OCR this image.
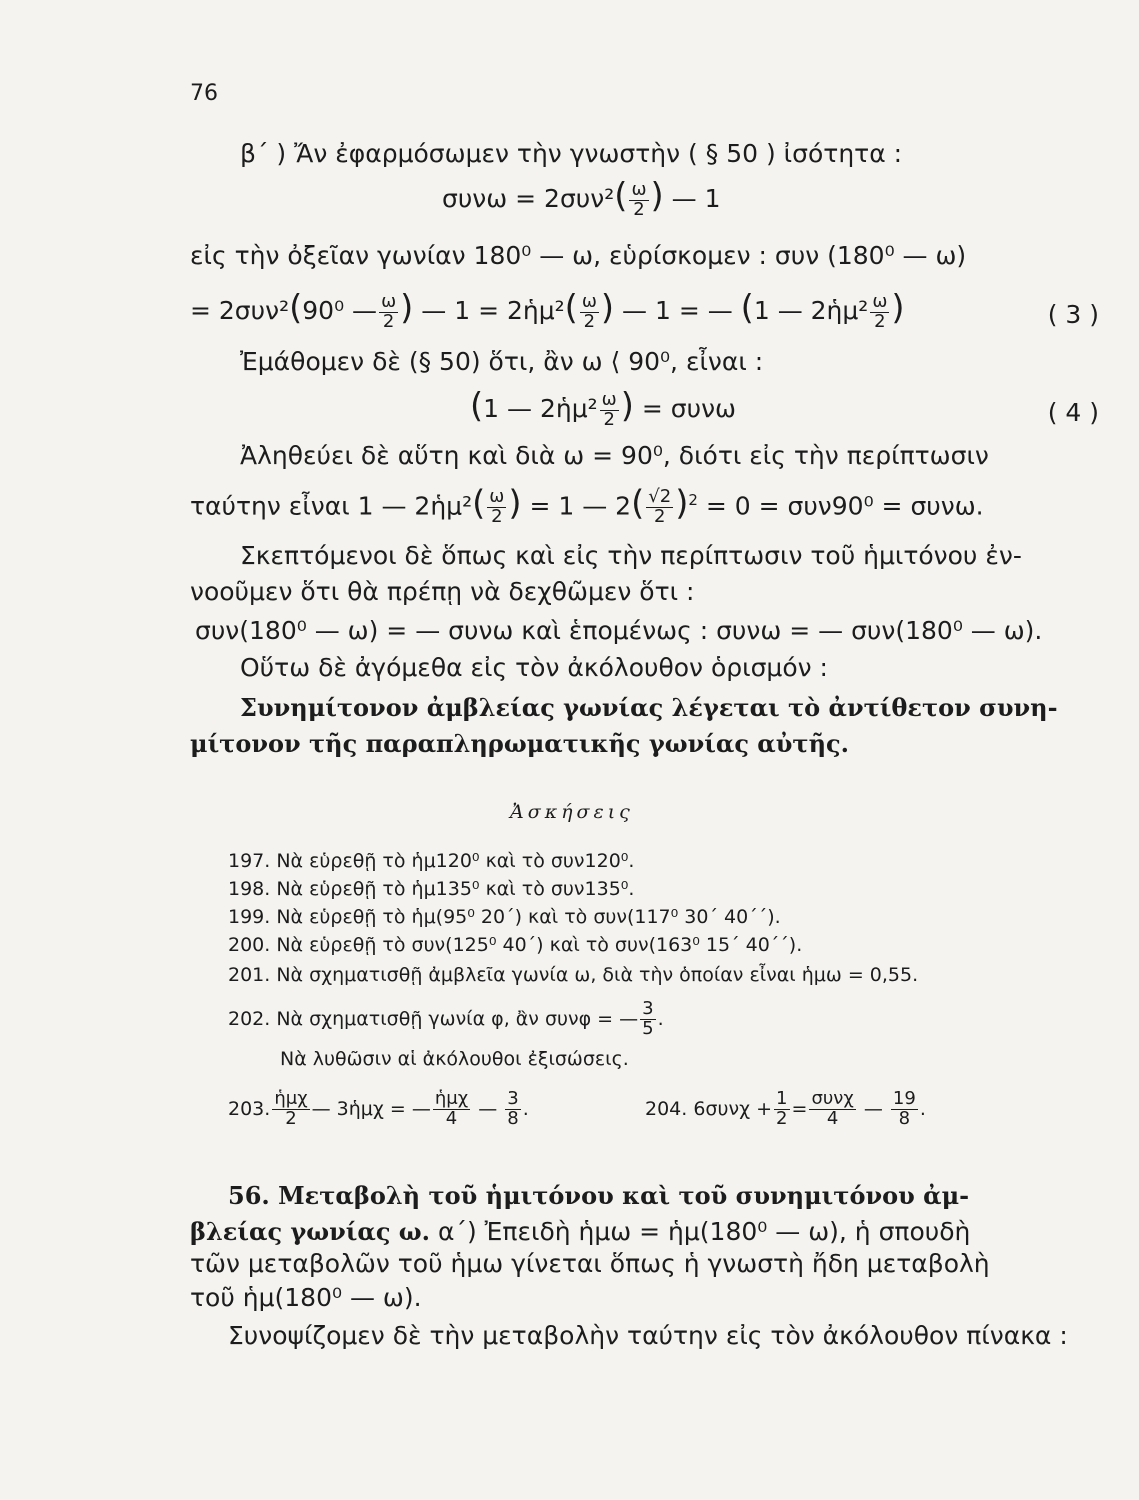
76
β΄ ) Ἄν ἐφαρμόσωμεν τὴν γνωστὴν ( § 50 ) ἰσότητα :
$\sigma\upsilon\nu\omega = 2\sigma\upsilon\nu^2( \frac{\omega}{2}$ ) — 1
εἰς τὴν ὀξεῖαν γωνίαν 180⁰ — ω, εὑρίσκομεν : συν (180⁰ — ω)
= 2συν²(90⁰ — $\frac{\omega}{2}$ ) — 1 = 2ἡμ²( $\frac{\omega}{2}$ ) — 1 = — (1 — 2ἡμ² $\frac{\omega}{2}$ )	( 3 )
Ἐμάθομεν δὲ (§ 50) ὅτι, ἂν ω ⟨ 90⁰, εἶναι :
(1 — 2ἡμ² $\frac{\omega}{2}$ ) = συνω	( 4 )
Ἀληθεύει δὲ αὕτη καὶ διὰ ω = 90⁰, διότι εἰς τὴν περίπτωσιν
ταύτην εἶναι 1 — 2ἡμ²( $\frac{\omega}{2}$ ) = 1 — $2( \frac{√2}{2} )^2 = 0 = \sigma\upsilon\nu 90^0 = \sigma\upsilon\nu\omega$.
Σκεπτόμενοι δὲ ὅπως καὶ εἰς τὴν περίπτωσιν τοῦ ἡμιτόνου ἐν-
νοοῦμεν ὅτι θὰ πρέπῃ νὰ δεχθῶμεν ὅτι :
συν(180⁰ — ω) = — συνω καὶ ἑπομένως : συνω = — συν(180⁰ — ω).
Οὕτω δὲ ἀγόμεθα εἰς τὸν ἀκόλουθον ὁρισμόν :
Συνημίτονον ἀμβλείας γωνίας λέγεται τὸ ἀντίθετον συνη-
μίτονον τῆς παραπληρωματικῆς γωνίας αὐτῆς.
Ἀσκήσεις
197. Νὰ εὑρεθῇ τὸ ἡμ120⁰ καὶ τὸ συν120⁰.
198. Νὰ εὑρεθῇ τὸ ἡμ135⁰ καὶ τὸ συν135⁰.
199. Νὰ εὑρεθῇ τὸ ἡμ(95⁰ 20΄) καὶ τὸ συν(117⁰ 30΄ 40΄΄).
200. Νὰ εὑρεθῇ τὸ συν(125⁰ 40΄) καὶ τὸ συν(163⁰ 15΄ 40΄΄).
201. Νὰ σχηματισθῇ ἀμβλεῖα γωνία ω, διὰ τὴν ὁποίαν εἶναι ἡμω = 0,55.
202. Νὰ σχηματισθῇ γωνία φ, ἂν συνφ = — $\frac{3}{5}$ .
Νὰ λυθῶσιν αἱ ἀκόλουθοι ἐξισώσεις.
203. $\frac{\text{ἡμχ}}{2}$ — 3ἡμχ = — $\frac{\text{ἡμχ}}{4}$ — $\frac{3}{8}$ .	204. $6\sigma\upsilon\nu\chi + \frac{1}{2} = \frac{\text{συνχ}}{4}$ — $\frac{19}{8}$ .
56. Μεταβολὴ τοῦ ἡμιτόνου καὶ τοῦ συνημιτόνου ἀμ-
βλείας γωνίας ω. α΄) Ἐπειδὴ ἡμω = ἡμ(180⁰ — ω), ἡ σπουδὴ
τῶν μεταβολῶν τοῦ ἡμω γίνεται ὅπως ἡ γνωστὴ ἤδη μεταβολὴ
τοῦ ἡμ(180⁰ — ω).
Συνοψίζομεν δὲ τὴν μεταβολὴν ταύτην εἰς τὸν ἀκόλουθον πίνακα :
